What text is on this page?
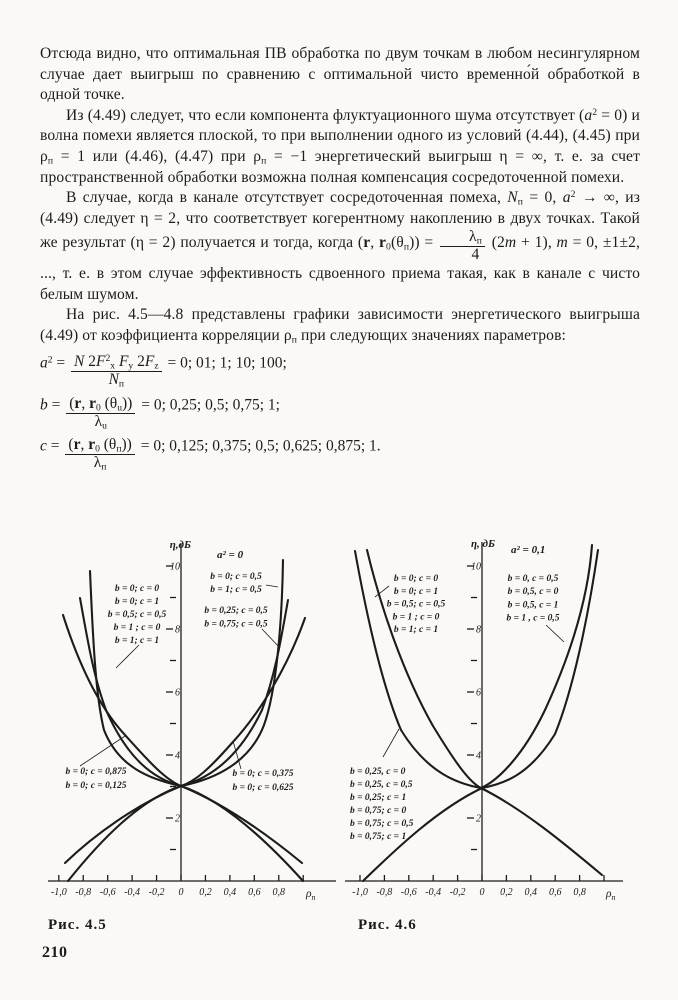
Отсюда видно, что оптимальная ПВ обработка по двум точкам в любом несингулярном случае дает выигрыш по сравнению с оптимальной чисто временно́й обработкой в одной точке.

Из (4.49) следует, что если компонента флуктуационного шума отсутствует $(a^2 = 0)$ и волна помехи является плоской, то при выполнении одного из условий (4.44), (4.45) при $\rho_п = 1$ или (4.46), (4.47) при $\rho_п = -1$ энергетический выигрыш η = ∞, т. е. за счет пространственной обработки возможна полная компенсация сосредоточенной помехи.

В случае, когда в канале отсутствует сосредоточенная помеха, $N_п = 0$, $a^2$ → ∞, из (4.49) следует η = 2, что соответствует когерентному накоплению в двух точках. Такой же результат (η = 2) получается и тогда, когда (r, $r_0(\theta_п)) = \frac{\lambda_п}{4} (2m + 1)$, m = 0, ±1±2, ..., т. е. в этом случае эффективность сдвоенного приема такая, как в канале с чисто белым шумом.

На рис. 4.5—4.8 представлены графики зависимости энергетического выигрыша (4.49) от коэффициента корреляции $\rho_п$ при следующих значениях параметров:

$a^2 = \frac{N 2F^2_x F_y 2F_z}{N_п} = 0$; 01; 1; 10; 100;
$b = \frac{(r, r_0 (\theta_u))}{\lambda_u} = 0$; 0,25; 0,5; 0,75; 1;
$c = \frac{(r, r_0 (\theta_п))}{\lambda_п} = 0$; 0,125; 0,375; 0,5; 0,625; 0,875; 1.
2
4
6
8
10
-1,0 -0,8 -0,6 -0,4 -0,2 0 0,2 0,4 0,6 0,8 $\rho_п$
η,дБ
a² = 0
b = 0; c = 0
b = 0; c = 1
b = 0,5; c = 0,5
b = 1 ; c = 0
b = 1; c = 1
b = 0; c = 0,5
b = 1; c = 0,5
b = 0,25; c = 0,5
b = 0,75; c = 0,5
b = 0; c = 0,875
b = 0; c = 0,125
b = 0; c = 0,375
b = 0; c = 0,625
2
4
6
8
10
-1,0 -0,8 -0,6 -0,4 -0,2 0 0,2 0,4 0,6 0,8 $\rho_п$
η, дБ a² = 0,1
b = 0; c = 0
b = 0; c = 1
b = 0,5; c = 0,5
b = 1 ; c = 0
b = 1; c = 1
b = 0, c = 0,5
b = 0,5, c = 0
b = 0,5, c = 1
b = 1 , c = 0,5
b = 0,25, c = 0
b = 0,25, c = 0,5
b = 0,25; c = 1
b = 0,75; c = 0
b = 0,75; c = 0,5
b = 0,75; c = 1
Рис. 4.5	Рис. 4.6
210
